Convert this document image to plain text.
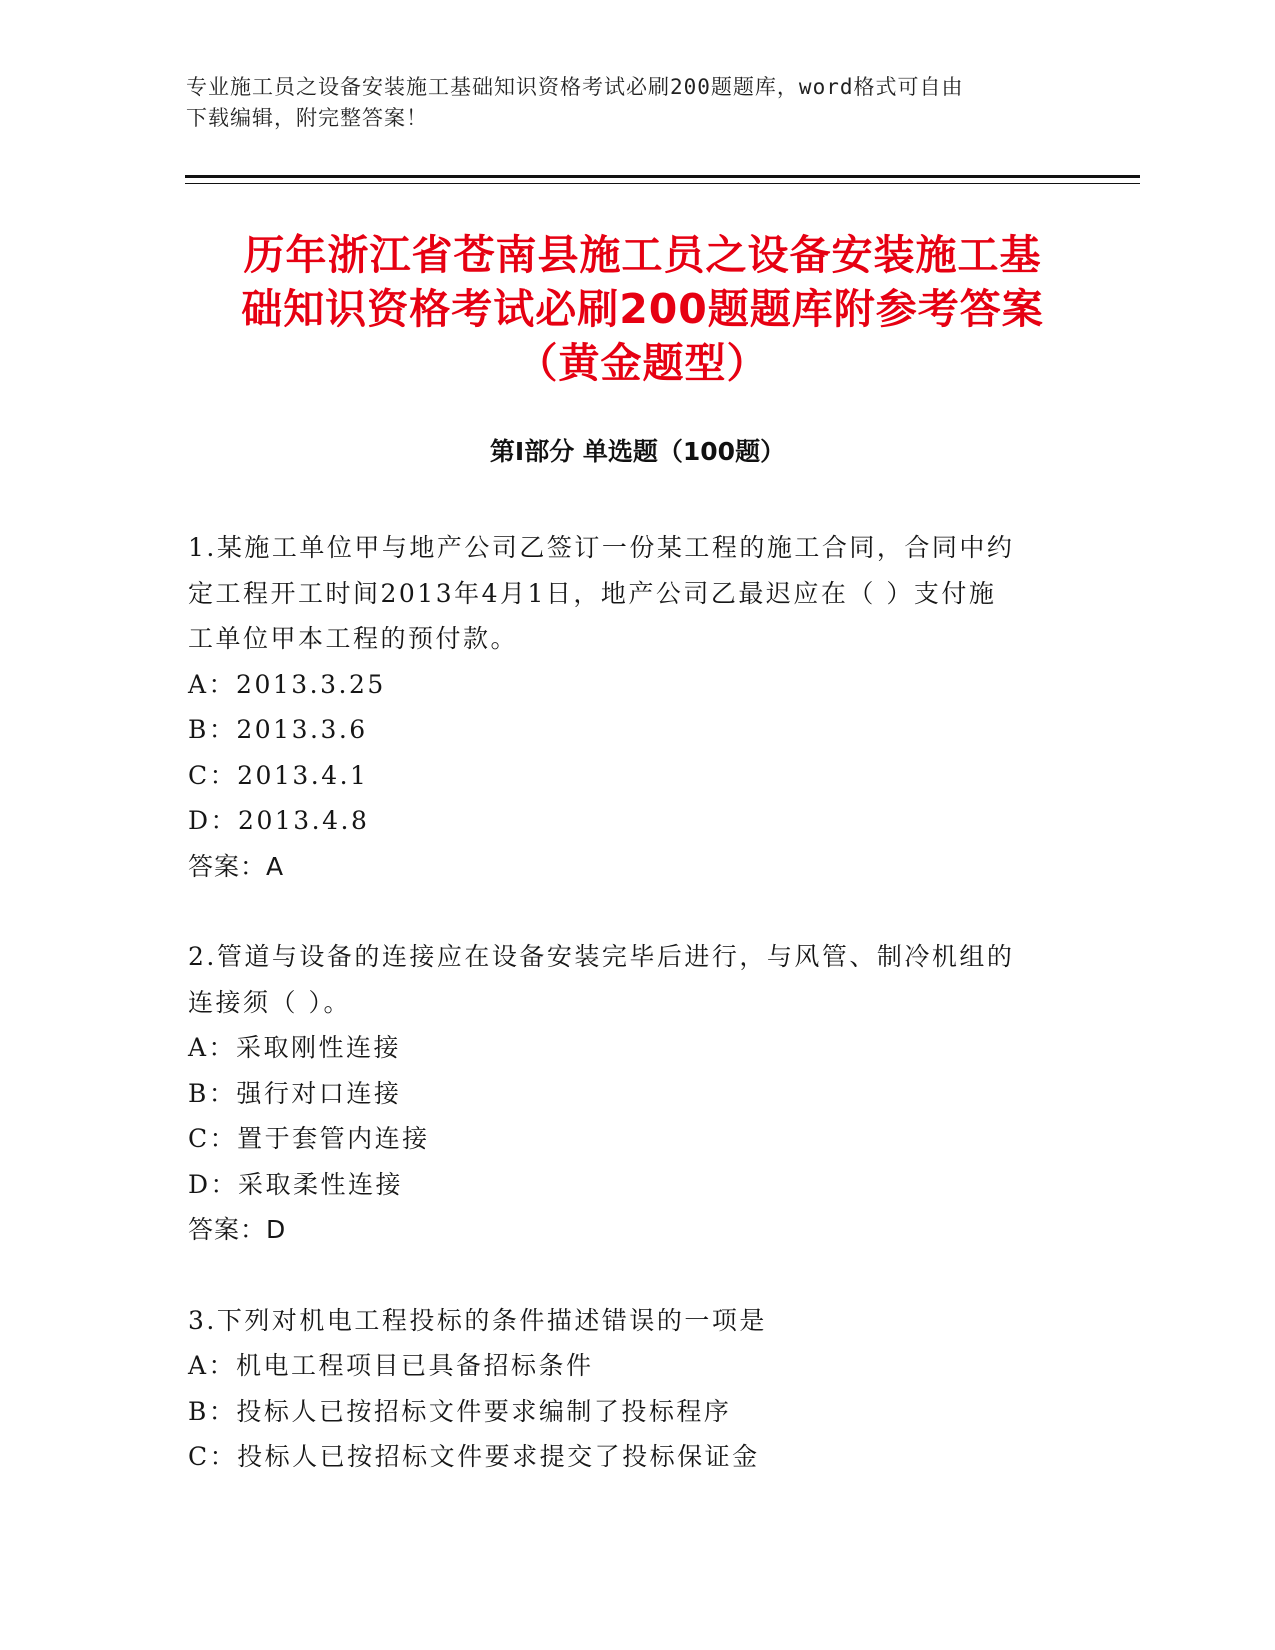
专业施工员之设备安装施工基础知识资格考试必刷200题题库，word格式可自由
下载编辑，附完整答案！
历年浙江省苍南县施工员之设备安装施工基
础知识资格考试必刷200题题库附参考答案
（黄金题型）
第Ⅰ部分 单选题（100题）
1.某施工单位甲与地产公司乙签订一份某工程的施工合同，合同中约
定工程开工时间2013年4月1日，地产公司乙最迟应在（ ）支付施
工单位甲本工程的预付款。
A：2013.3.25
B：2013.3.6
C：2013.4.1
D：2013.4.8
答案：A
2.管道与设备的连接应在设备安装完毕后进行，与风管、制冷机组的
连接须（ ）。
A：采取刚性连接
B：强行对口连接
C：置于套管内连接
D：采取柔性连接
答案：D
3.下列对机电工程投标的条件描述错误的一项是
A：机电工程项目已具备招标条件
B：投标人已按招标文件要求编制了投标程序
C：投标人已按招标文件要求提交了投标保证金
